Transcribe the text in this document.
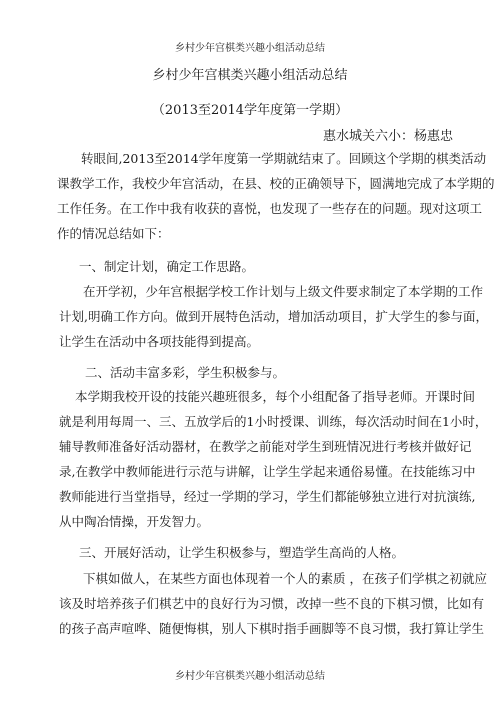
乡村少年宫棋类兴趣小组活动总结
乡村少年宫棋类兴趣小组活动总结
（2013至2014学年度第一学期）
惠水城关六小：杨惠忠
转眼间,2013至2014学年度第一学期就结束了。回顾这个学期的棋类活动
课教学工作，我校少年宫活动，在县、校的正确领导下，圆满地完成了本学期的
工作任务。在工作中我有收获的喜悦，也发现了一些存在的问题。现对这项工
作的情况总结如下：
一、制定计划，确定工作思路。
在开学初，少年宫根据学校工作计划与上级文件要求制定了本学期的工作
计划,明确工作方向。做到开展特色活动，增加活动项目，扩大学生的参与面，
让学生在活动中各项技能得到提高。
二、活动丰富多彩，学生积极参与。
本学期我校开设的技能兴趣班很多，每个小组配备了指导老师。开课时间
就是利用每周一、三、五放学后的1小时授课、训练，每次活动时间在1小时，
辅导教师准备好活动器材，在教学之前能对学生到班情况进行考核并做好记
录,在教学中教师能进行示范与讲解，让学生学起来通俗易懂。在技能练习中
教师能进行当堂指导，经过一学期的学习，学生们都能够独立进行对抗演练,
从中陶冶情操，开发智力。
三、开展好活动，让学生积极参与，塑造学生高尚的人格。
下棋如做人，在某些方面也体现着一个人的素质 ，在孩子们学棋之初就应
该及时培养孩子们棋艺中的良好行为习惯，改掉一些不良的下棋习惯，比如有
的孩子高声喧哗、随便悔棋，别人下棋时指手画脚等不良习惯，我打算让学生
乡村少年宫棋类兴趣小组活动总结
